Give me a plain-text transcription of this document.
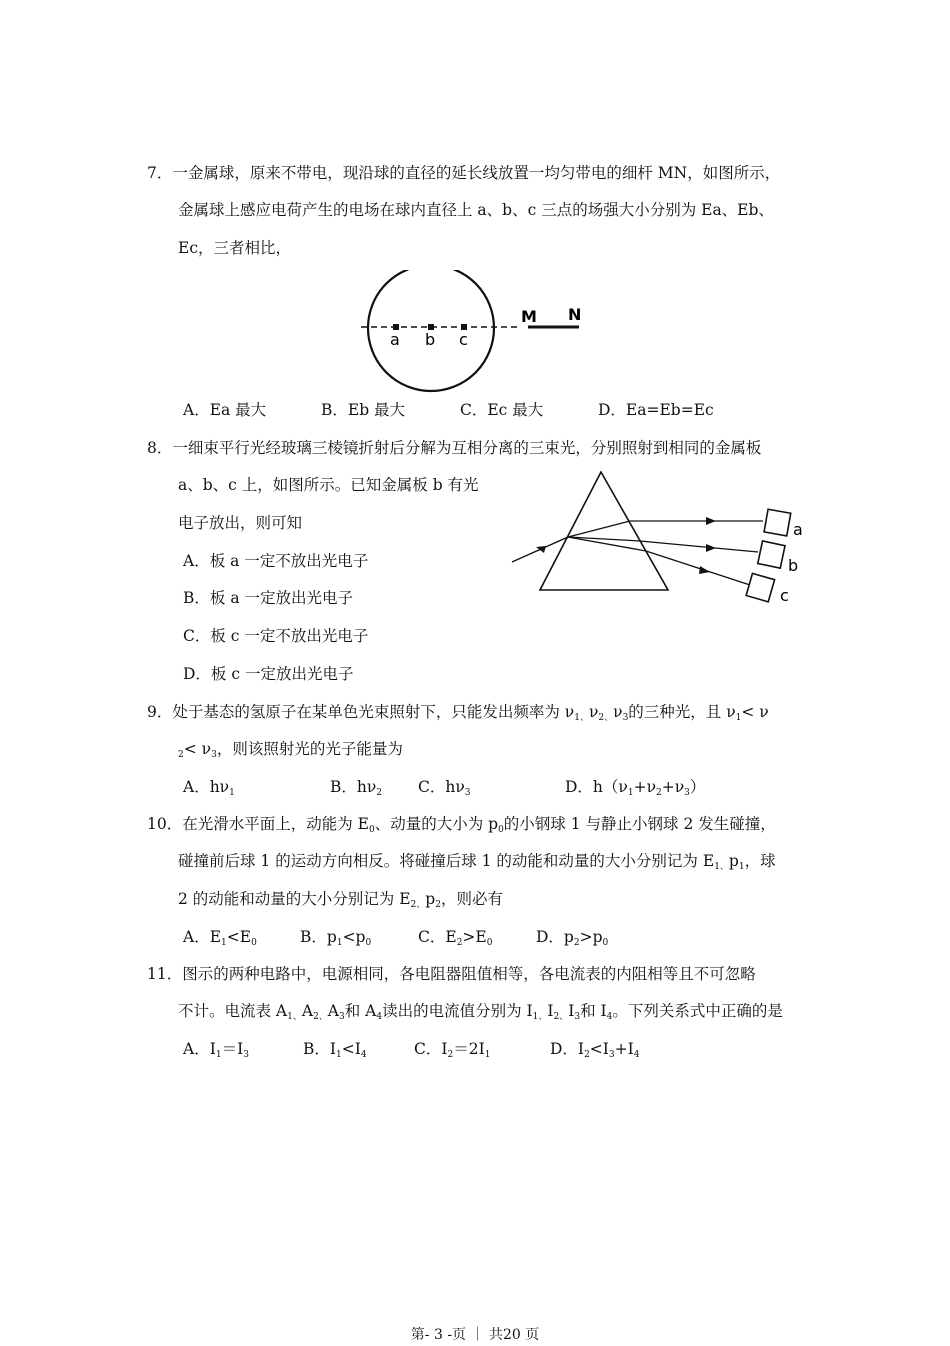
7．一金属球，原来不带电，现沿球的直径的延长线放置一均匀带电的细杆 MN，如图所示，
金属球上感应电荷产生的电场在球内直径上 a、b、c 三点的场强大小分别为 Ea、Eb、
Ec，三者相比，
a b c
M N
A．Ea 最大	B．Eb 最大	C．Ec 最大	D．Ea=Eb=Ec
8．一细束平行光经玻璃三棱镜折射后分解为互相分离的三束光，分别照射到相同的金属板
a、b、c 上，如图所示。已知金属板 b 有光
电子放出，则可知
A．板 a 一定不放出光电子
B．板 a 一定放出光电子
C．板 c 一定不放出光电子
D．板 c 一定放出光电子
a
b
c
9．处于基态的氢原子在某单色光束照射下，只能发出频率为 $\nu_{1、}\nu_{2、}\nu_3$的三种光，且 $\nu_1< \nu$
$_2< \nu_3$，则该照射光的光子能量为
A．$h\nu_1$	B．$h\nu_2$ C．$h\nu_3$	D．$h(\nu_1+\nu_2+\nu_3)$
10．在光滑水平面上，动能为 $E_0$、动量的大小为 $p_0$的小钢球 1 与静止小钢球 2 发生碰撞，
碰撞前后球 1 的运动方向相反。将碰撞后球 1 的动能和动量的大小分别记为 $E_{1、}p_1$，球
2 的动能和动量的大小分别记为 $E_{2、}p_2$，则必有
A．$E_1<E_0$	B．$p_1<p_0$	C．$E_2>E_0$	D．$p_2>p_0$
11．图示的两种电路中，电源相同，各电阻器阻值相等，各电流表的内阻相等且不可忽略
不计。电流表 $A_{1、}A_{2、}A_3$和 $A_4$读出的电流值分别为 $I_{1、}I_{2、}I_3$和 $I_4$。下列关系式中正确的是
A．$I_1=I_3$	B．$I_1<I_4$	C．$I_2=2I_1$	D．$I_2<I_3+I_4$
第- 3 -页 ｜ 共20 页
